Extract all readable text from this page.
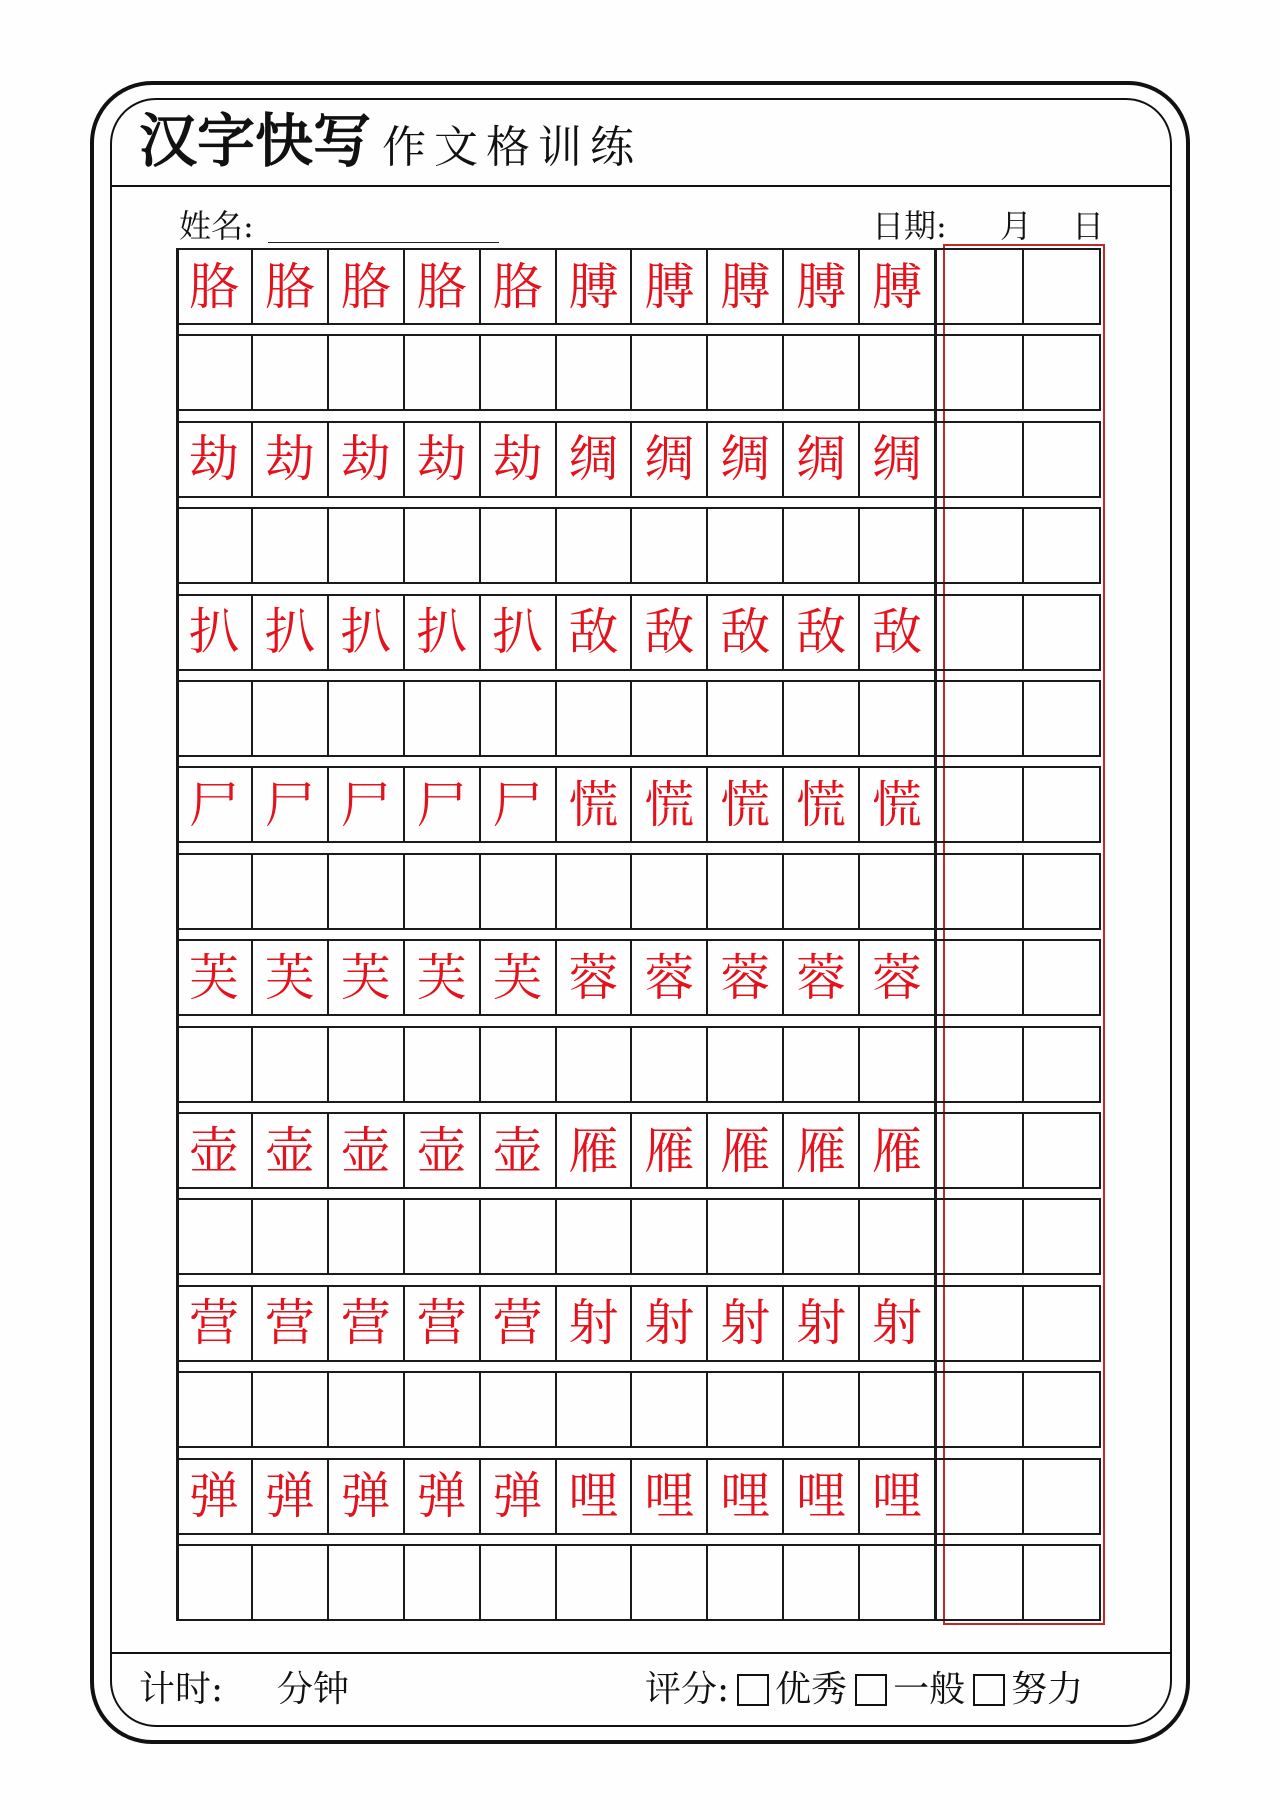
汉字快写 作文格训练
姓名:	日期: 月 日
胳 胳 胳 胳 胳 膊 膊 膊 膊 膊
劫 劫 劫 劫 劫 绸 绸 绸 绸 绸
扒 扒 扒 扒 扒 敌 敌 敌 敌 敌
尸 尸 尸 尸 尸 慌 慌 慌 慌 慌
芙 芙 芙 芙 芙 蓉 蓉 蓉 蓉 蓉
壶 壶 壶 壶 壶 雁 雁 雁 雁 雁
营 营 营 营 营 射 射 射 射 射
弹 弹 弹 弹 弹 哩 哩 哩 哩 哩
计时: 分钟	评分: 优秀 一般 努力
